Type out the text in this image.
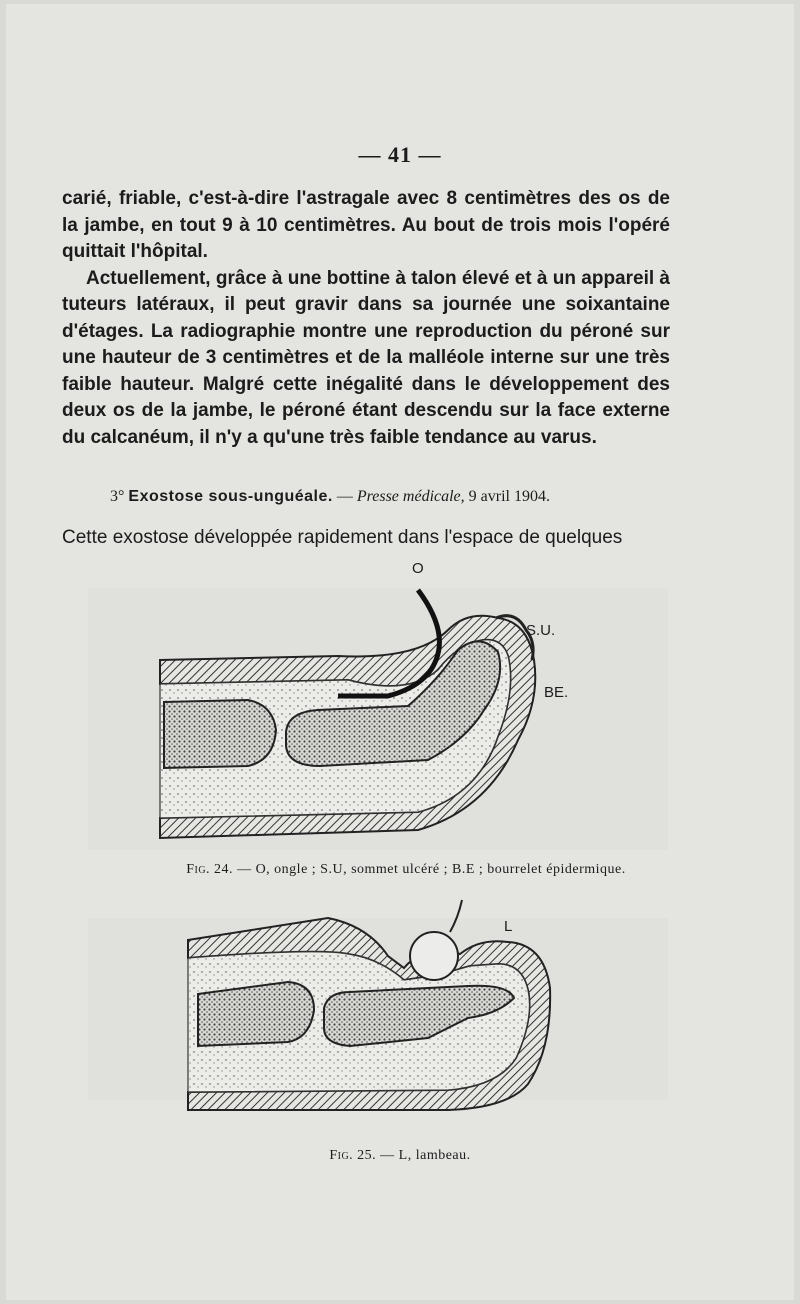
— 41 —

carié, friable, c'est-à-dire l'astragale avec 8 centimètres des os de la jambe, en tout 9 à 10 centimètres. Au bout de trois mois l'opéré quittait l'hôpital.

Actuellement, grâce à une bottine à talon élevé et à un appareil à tuteurs latéraux, il peut gravir dans sa journée une soixantaine d'étages. La radiographie montre une reproduction du péroné sur une hauteur de 3 centimètres et de la malléole interne sur une très faible hauteur. Malgré cette inégalité dans le développement des deux os de la jambe, le péroné étant descendu sur la face externe du calcanéum, il n'y a qu'une très faible tendance au varus.

3° Exostose sous-unguéale. — Presse médicale, 9 avril 1904.
Cette exostose développée rapidement dans l'espace de quelques
O
S.U.
BE.
Fig. 24. — O, ongle ; S.U, sommet ulcéré ; B.E ; bourrelet épidermique.
L
Fig. 25. — L, lambeau.
